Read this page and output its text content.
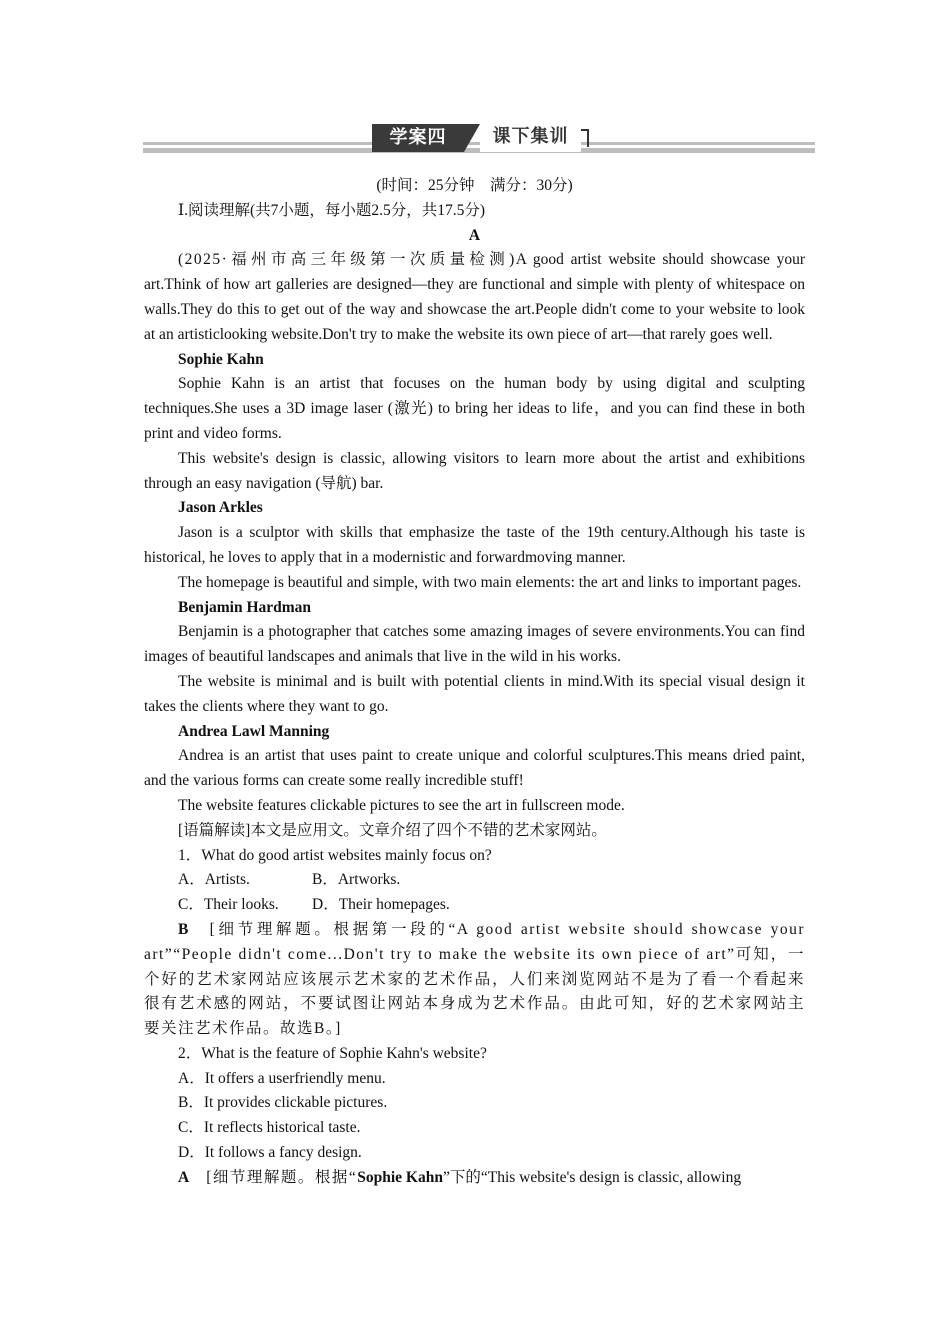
学案四	课下集训

(时间：25分钟　满分：30分)

Ⅰ.阅读理解(共7小题，每小题2.5分，共17.5分)

A

(2025·福州市高三年级第一次质量检测)A good artist website should showcase your art.Think of how art galleries are designed—they are functional and simple with plenty of whitespace on walls.They do this to get out of the way and showcase the art.People didn't come to your website to look at an artisticlooking website.Don't try to make the website its own piece of art—that rarely goes well.

Sophie Kahn

Sophie Kahn is an artist that focuses on the human body by using digital and sculpting techniques.She uses a 3D image laser (激光) to bring her ideas to life，and you can find these in both print and video forms.

This website's design is classic, allowing visitors to learn more about the artist and exhibitions through an easy navigation (导航) bar.

Jason Arkles

Jason is a sculptor with skills that emphasize the taste of the 19th century.Although his taste is historical, he loves to apply that in a modernistic and forwardmoving manner.

The homepage is beautiful and simple, with two main elements: the art and links to important pages.

Benjamin Hardman

Benjamin is a photographer that catches some amazing images of severe environments.You can find images of beautiful landscapes and animals that live in the wild in his works.

The website is minimal and is built with potential clients in mind.With its special visual design it takes the clients where they want to go.

Andrea Lawl Manning

Andrea is an artist that uses paint to create unique and colorful sculptures.This means dried paint, and the various forms can create some really incredible stuff!

The website features clickable pictures to see the art in fullscreen mode.

[语篇解读]本文是应用文。文章介绍了四个不错的艺术家网站。

1．What do good artist websites mainly focus on?

A．Artists.	B．Artworks.

C．Their looks. D．Their homepages.

B　[细节理解题。根据第一段的“A good artist website should showcase your art”“People didn't come...Don't try to make the website its own piece of art”可知，一个好的艺术家网站应该展示艺术家的艺术作品，人们来浏览网站不是为了看一个看起来很有艺术感的网站，不要试图让网站本身成为艺术作品。由此可知，好的艺术家网站主要关注艺术作品。故选B。]

2．What is the feature of Sophie Kahn's website?

A．It offers a userfriendly menu.

B．It provides clickable pictures.

C．It reflects historical taste.

D．It follows a fancy design.

A　[细节理解题。根据“Sophie Kahn”下的“This website's design is classic, allowing
